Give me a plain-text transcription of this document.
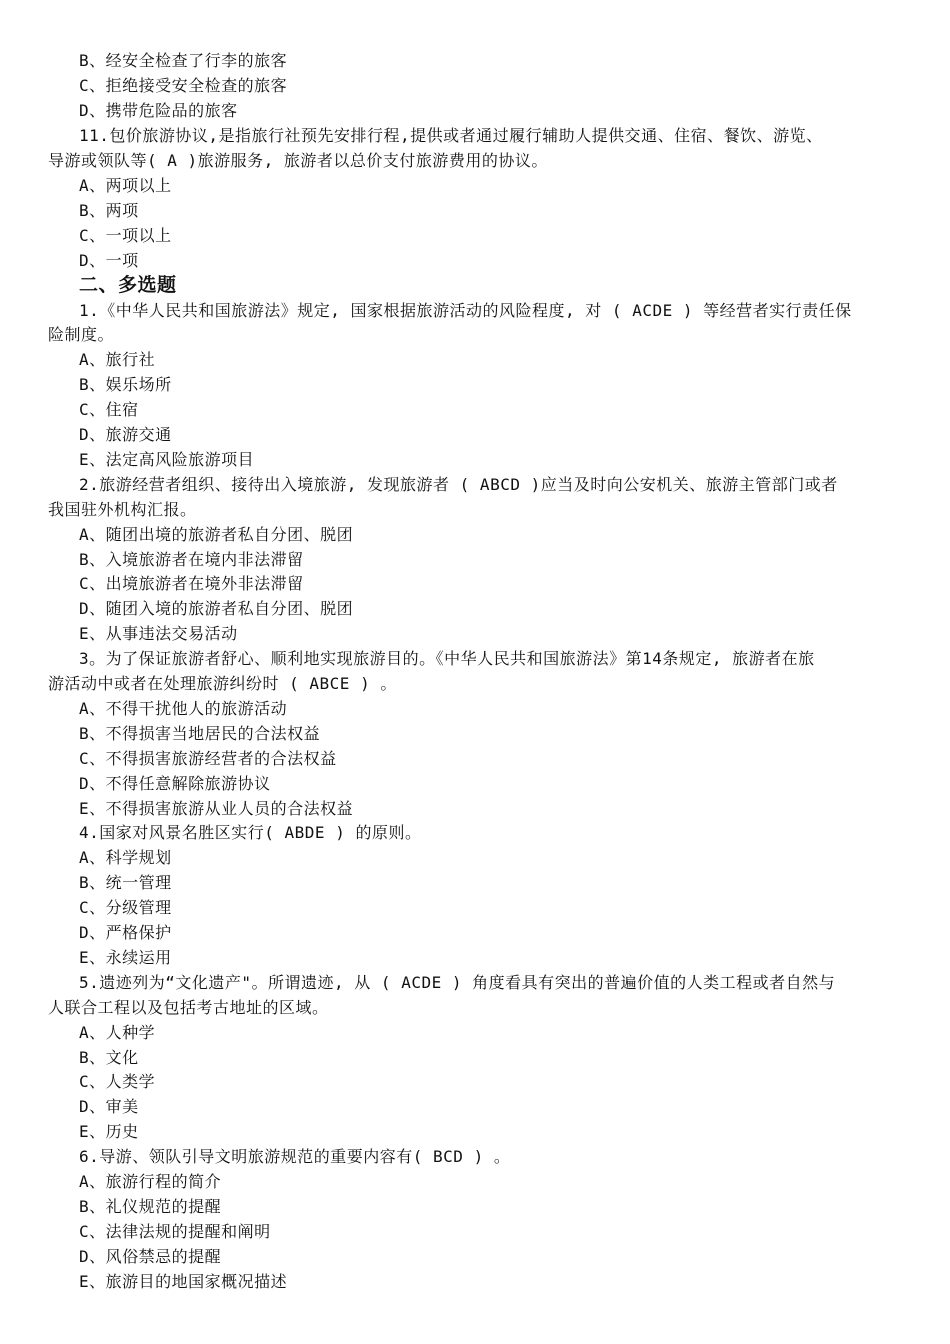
B、经安全检查了行李的旅客
C、拒绝接受安全检查的旅客
D、携带危险品的旅客
11.包价旅游协议,是指旅行社预先安排行程,提供或者通过履行辅助人提供交通、住宿、餐饮、游览、
导游或领队等( A )旅游服务, 旅游者以总价支付旅游费用的协议。
A、两项以上
B、两项
C、一项以上
D、一项
二、多选题
1.《中华人民共和国旅游法》规定, 国家根据旅游活动的风险程度, 对 ( ACDE ) 等经营者实行责任保
险制度。
A、旅行社
B、娱乐场所
C、住宿
D、旅游交通
E、法定高风险旅游项目
2.旅游经营者组织、接待出入境旅游, 发现旅游者 ( ABCD )应当及时向公安机关、旅游主管部门或者
我国驻外机构汇报。
A、随团出境的旅游者私自分团、脱团
B、入境旅游者在境内非法滞留
C、出境旅游者在境外非法滞留
D、随团入境的旅游者私自分团、脱团
E、从事违法交易活动
3。为了保证旅游者舒心、顺利地实现旅游目的。《中华人民共和国旅游法》第14条规定, 旅游者在旅
游活动中或者在处理旅游纠纷时 ( ABCE ) 。
A、不得干扰他人的旅游活动
B、不得损害当地居民的合法权益
C、不得损害旅游经营者的合法权益
D、不得任意解除旅游协议
E、不得损害旅游从业人员的合法权益
4.国家对风景名胜区实行( ABDE ) 的原则。
A、科学规划
B、统一管理
C、分级管理
D、严格保护
E、永续运用
5.遗迹列为“文化遗产"。所谓遗迹, 从 ( ACDE ) 角度看具有突出的普遍价值的人类工程或者自然与
人联合工程以及包括考古地址的区域。
A、人种学
B、文化
C、人类学
D、审美
E、历史
6.导游、领队引导文明旅游规范的重要内容有( BCD ) 。
A、旅游行程的简介
B、礼仪规范的提醒
C、法律法规的提醒和阐明
D、风俗禁忌的提醒
E、旅游目的地国家概况描述
